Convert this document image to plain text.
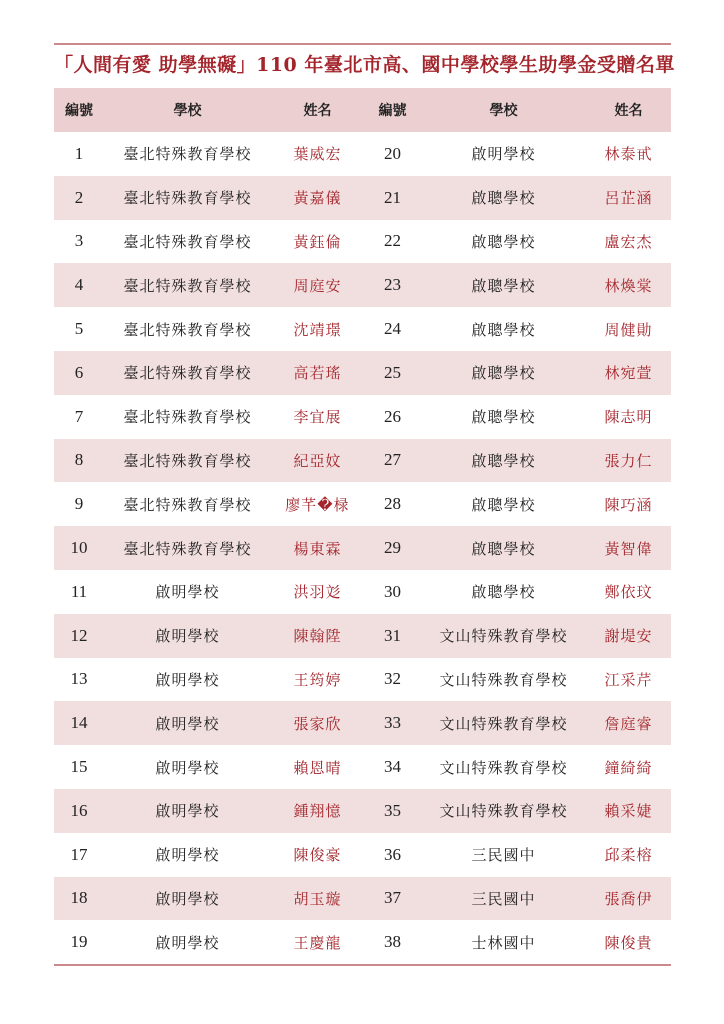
「人間有愛 助學無礙」110 年臺北市高、國中學校學生助學金受贈名單
編號	學校	姓名	編號	學校	姓名
1	臺北特殊教育學校	葉威宏	20	啟明學校	林泰甙
2	臺北特殊教育學校	黃嘉儀	21	啟聰學校	呂芷涵
3	臺北特殊教育學校	黃鈺倫	22	啟聰學校	盧宏杰
4	臺北特殊教育學校	周庭安	23	啟聰學校	林煥棠
5	臺北特殊教育學校	沈靖璟	24	啟聰學校	周健勛
6	臺北特殊教育學校	高若瑤	25	啟聰學校	林宛萱
7	臺北特殊教育學校	李宜展	26	啟聰學校	陳志明
8	臺北特殊教育學校	紀亞妏	27	啟聰學校	張力仁
9	臺北特殊教育學校	廖芊�椂	28	啟聰學校	陳巧涵
10	臺北特殊教育學校	楊東霖	29	啟聰學校	黃智偉
11	啟明學校	洪羽彣	30	啟聰學校	鄭依玟
12	啟明學校	陳翰陞	31	文山特殊教育學校	謝堤安
13	啟明學校	王筠婷	32	文山特殊教育學校	江采芹
14	啟明學校	張家欣	33	文山特殊教育學校	詹庭睿
15	啟明學校	賴恩晴	34	文山特殊教育學校	鐘綺綺
16	啟明學校	鍾翔憶	35	文山特殊教育學校	賴采婕
17	啟明學校	陳俊豪	36	三民國中	邱柔榕
18	啟明學校	胡玉璇	37	三民國中	張喬伊
19	啟明學校	王慶龍	38	士林國中	陳俊貴
